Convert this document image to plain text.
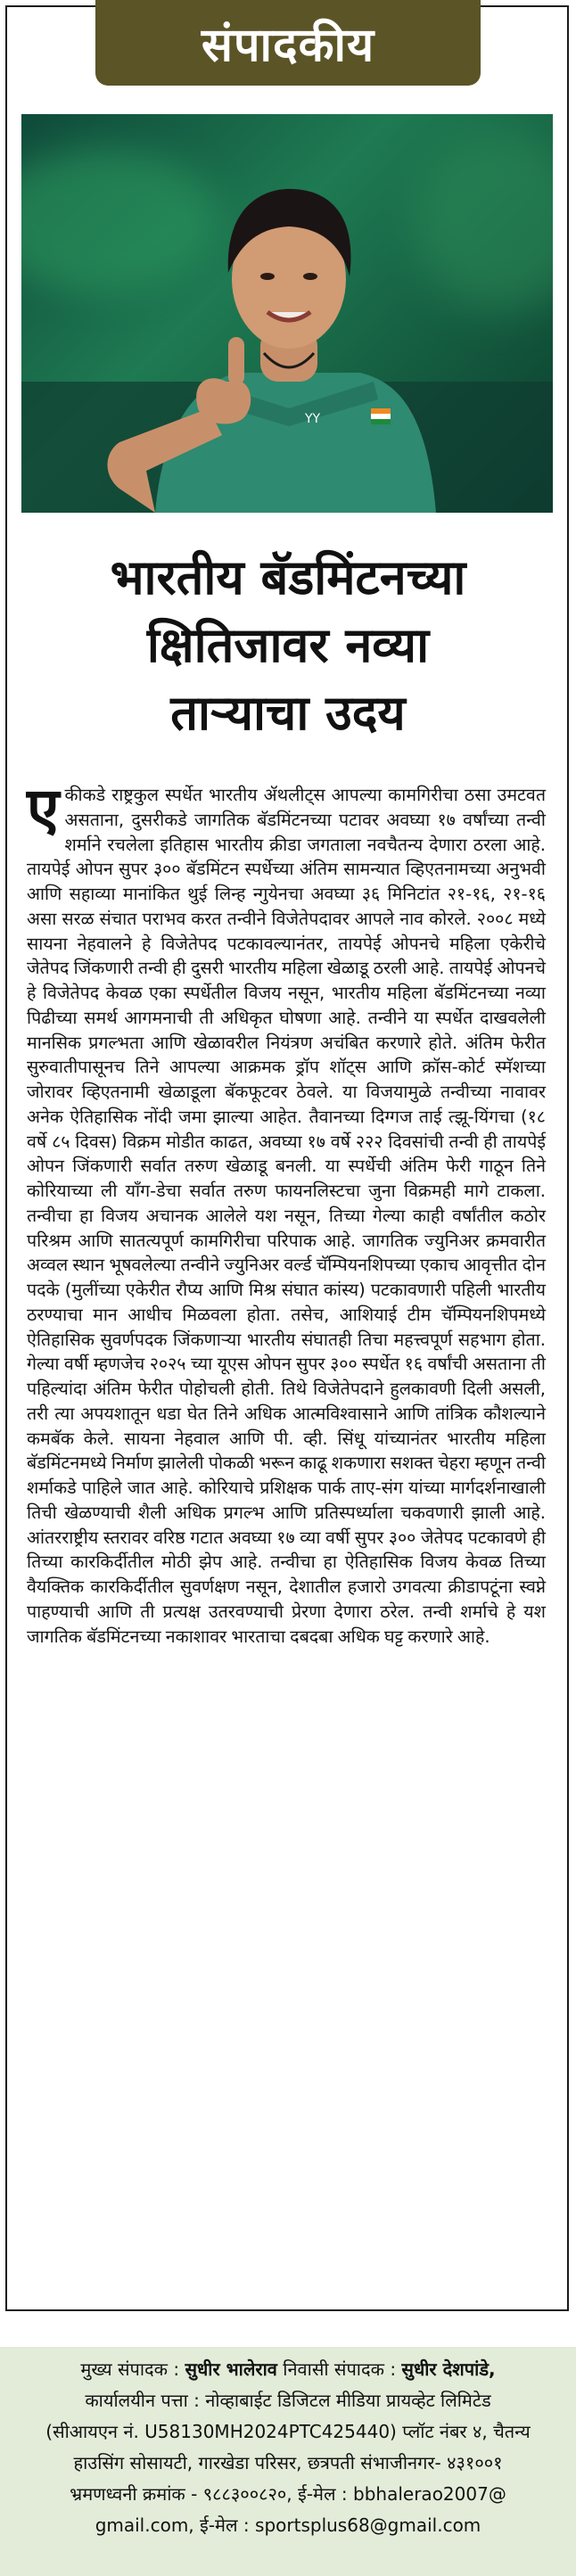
संपादकीय
YY
भारतीय बॅडमिंटनच्या
क्षितिजावर नव्या
ताऱ्याचा उदय
एकीकडे राष्ट्रकुल स्पर्धेत भारतीय ॲथलीट्स आपल्या कामगिरीचा ठसा उमटवत असताना, दुसरीकडे जागतिक बॅडमिंटनच्या पटावर अवघ्या १७ वर्षांच्या तन्वी शर्माने रचलेला इतिहास भारतीय क्रीडा जगताला नवचैतन्य देणारा ठरला आहे. तायपेई ओपन सुपर ३०० बॅडमिंटन स्पर्धेच्या अंतिम सामन्यात व्हिएतनामच्या अनुभवी आणि सहाव्या मानांकित थुई लिन्ह न्गुयेनचा अवघ्या ३६ मिनिटांत २१-१६, २१-१६ असा सरळ संचात पराभव करत तन्वीने विजेतेपदावर आपले नाव कोरले. २००८ मध्ये सायना नेहवालने हे विजेतेपद पटकावल्यानंतर, तायपेई ओपनचे महिला एकेरीचे जेतेपद जिंकणारी तन्वी ही दुसरी भारतीय महिला खेळाडू ठरली आहे. तायपेई ओपनचे हे विजेतेपद केवळ एका स्पर्धेतील विजय नसून, भारतीय महिला बॅडमिंटनच्या नव्या पिढीच्या समर्थ आगमनाची ती अधिकृत घोषणा आहे. तन्वीने या स्पर्धेत दाखवलेली मानसिक प्रगल्भता आणि खेळावरील नियंत्रण अचंबित करणारे होते. अंतिम फेरीत सुरुवातीपासूनच तिने आपल्या आक्रमक ड्रॉप शॉट्स आणि क्रॉस-कोर्ट स्मॅशच्या जोरावर व्हिएतनामी खेळाडूला बॅकफूटवर ठेवले. या विजयामुळे तन्वीच्या नावावर अनेक ऐतिहासिक नोंदी जमा झाल्या आहेत. तैवानच्या दिग्गज ताई त्झू-यिंगचा (१८ वर्षे ८५ दिवस) विक्रम मोडीत काढत, अवघ्या १७ वर्षे २२२ दिवसांची तन्वी ही तायपेई ओपन जिंकणारी सर्वात तरुण खेळाडू बनली. या स्पर्धेची अंतिम फेरी गाठून तिने कोरियाच्या ली यॉंग-डेचा सर्वात तरुण फायनलिस्टचा जुना विक्रमही मागे टाकला. तन्वीचा हा विजय अचानक आलेले यश नसून, तिच्या गेल्या काही वर्षांतील कठोर परिश्रम आणि सातत्यपूर्ण कामगिरीचा परिपाक आहे. जागतिक ज्युनिअर क्रमवारीत अव्वल स्थान भूषवलेल्या तन्वीने ज्युनिअर वर्ल्ड चॅम्पियनशिपच्या एकाच आवृत्तीत दोन पदके (मुलींच्या एकेरीत रौप्य आणि मिश्र संघात कांस्य) पटकावणारी पहिली भारतीय ठरण्याचा मान आधीच मिळवला होता. तसेच, आशियाई टीम चॅम्पियनशिपमध्ये ऐतिहासिक सुवर्णपदक जिंकणाऱ्या भारतीय संघातही तिचा महत्त्वपूर्ण सहभाग होता. गेल्या वर्षी म्हणजेच २०२५ च्या यूएस ओपन सुपर ३०० स्पर्धेत १६ वर्षांची असताना ती पहिल्यांदा अंतिम फेरीत पोहोचली होती. तिथे विजेतेपदाने हुलकावणी दिली असली, तरी त्या अपयशातून धडा घेत तिने अधिक आत्मविश्वासाने आणि तांत्रिक कौशल्याने कमबॅक केले. सायना नेहवाल आणि पी. व्ही. सिंधू यांच्यानंतर भारतीय महिला बॅडमिंटनमध्ये निर्माण झालेली पोकळी भरून काढू शकणारा सशक्त चेहरा म्हणून तन्वी शर्माकडे पाहिले जात आहे. कोरियाचे प्रशिक्षक पार्क ताए-संग यांच्या मार्गदर्शनाखाली तिची खेळण्याची शैली अधिक प्रगल्भ आणि प्रतिस्पर्ध्याला चकवणारी झाली आहे. आंतरराष्ट्रीय स्तरावर वरिष्ठ गटात अवघ्या १७ व्या वर्षी सुपर ३०० जेतेपद पटकावणे ही तिच्या कारकिर्दीतील मोठी झेप आहे. तन्वीचा हा ऐतिहासिक विजय केवळ तिच्या वैयक्तिक कारकिर्दीतील सुवर्णक्षण नसून, देशातील हजारो उगवत्या क्रीडापटूंना स्वप्ने पाहण्याची आणि ती प्रत्यक्ष उतरवण्याची प्रेरणा देणारा ठरेल. तन्वी शर्माचे हे यश जागतिक बॅडमिंटनच्या नकाशावर भारताचा दबदबा अधिक घट्ट करणारे आहे.
मुख्य संपादक : सुधीर भालेराव निवासी संपादक : सुधीर देशपांडे,
कार्यालयीन पत्ता : नोव्हाबाईट डिजिटल मीडिया प्रायव्हेट लिमिटेड
(सीआयएन नं. U58130MH2024PTC425440) प्लॉट नंबर ४, चैतन्य
हाउसिंग सोसायटी, गारखेडा परिसर, छत्रपती संभाजीनगर- ४३१००१
भ्रमणध्वनी क्रमांक - ९८८३००८२०, ई-मेल : bbhalerao2007@
gmail.com, ई-मेल : sportsplus68@gmail.com
